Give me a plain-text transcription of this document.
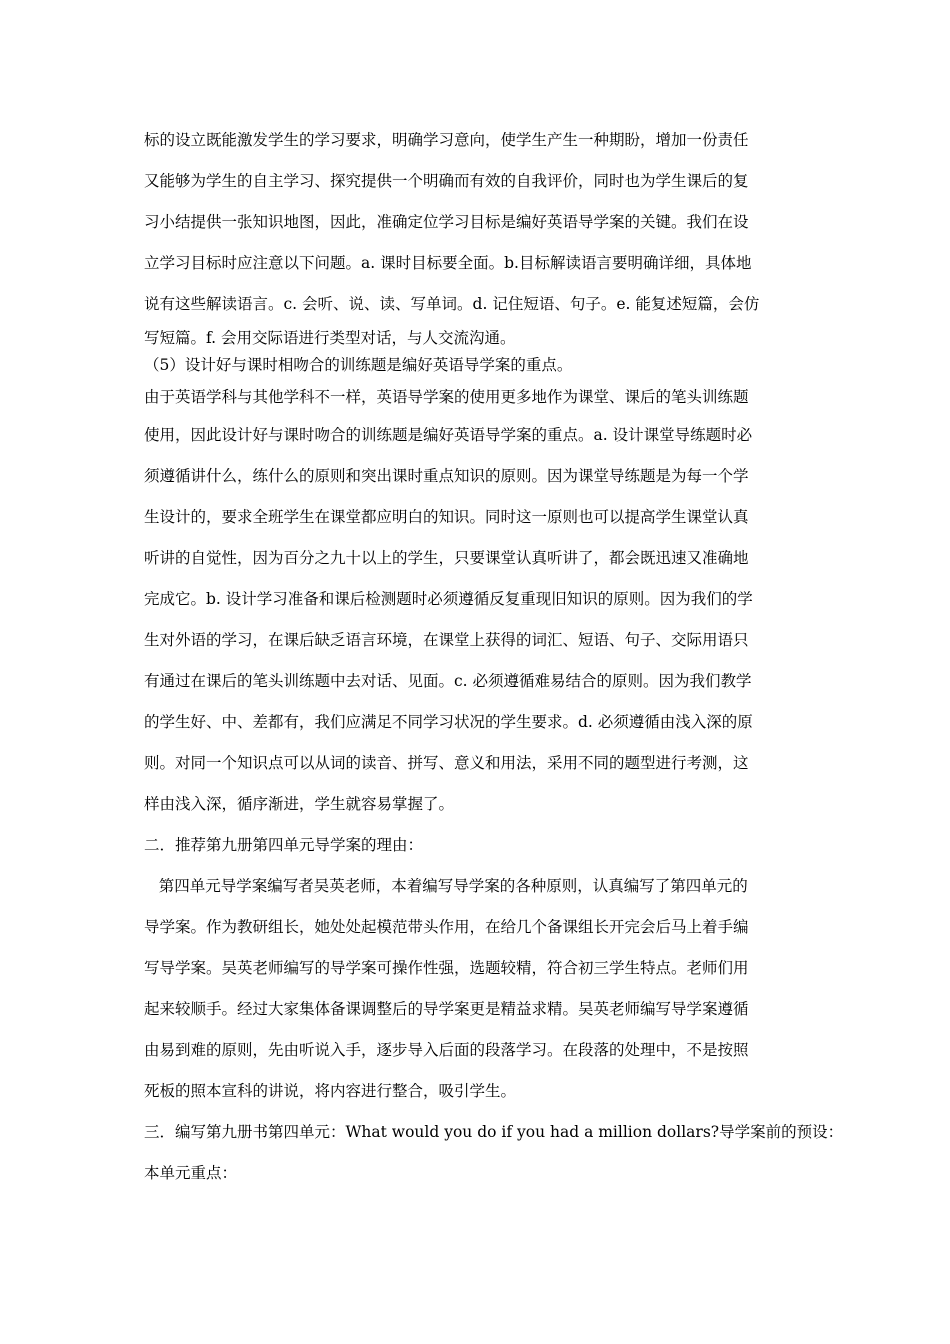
标的设立既能激发学生的学习要求，明确学习意向，使学生产生一种期盼，增加一份责任
又能够为学生的自主学习、探究提供一个明确而有效的自我评价，同时也为学生课后的复
习小结提供一张知识地图，因此，准确定位学习目标是编好英语导学案的关键。我们在设
立学习目标时应注意以下问题。a. 课时目标要全面。b.目标解读语言要明确详细，具体地
说有这些解读语言。c. 会听、说、读、写单词。d. 记住短语、句子。e. 能复述短篇，会仿
写短篇。f. 会用交际语进行类型对话，与人交流沟通。
（5）设计好与课时相吻合的训练题是编好英语导学案的重点。
由于英语学科与其他学科不一样，英语导学案的使用更多地作为课堂、课后的笔头训练题
使用，因此设计好与课时吻合的训练题是编好英语导学案的重点。a. 设计课堂导练题时必
须遵循讲什么，练什么的原则和突出课时重点知识的原则。因为课堂导练题是为每一个学
生设计的，要求全班学生在课堂都应明白的知识。同时这一原则也可以提高学生课堂认真
听讲的自觉性，因为百分之九十以上的学生，只要课堂认真听讲了，都会既迅速又准确地
完成它。b. 设计学习准备和课后检测题时必须遵循反复重现旧知识的原则。因为我们的学
生对外语的学习，在课后缺乏语言环境，在课堂上获得的词汇、短语、句子、交际用语只
有通过在课后的笔头训练题中去对话、见面。c. 必须遵循难易结合的原则。因为我们教学
的学生好、中、差都有，我们应满足不同学习状况的学生要求。d. 必须遵循由浅入深的原
则。对同一个知识点可以从词的读音、拼写、意义和用法，采用不同的题型进行考测，这
样由浅入深，循序渐进，学生就容易掌握了。
二．推荐第九册第四单元导学案的理由：
第四单元导学案编写者吴英老师，本着编写导学案的各种原则，认真编写了第四单元的
导学案。作为教研组长，她处处起模范带头作用，在给几个备课组长开完会后马上着手编
写导学案。吴英老师编写的导学案可操作性强，选题较精，符合初三学生特点。老师们用
起来较顺手。经过大家集体备课调整后的导学案更是精益求精。吴英老师编写导学案遵循
由易到难的原则，先由听说入手，逐步导入后面的段落学习。在段落的处理中，不是按照
死板的照本宣科的讲说，将内容进行整合，吸引学生。
三．编写第九册书第四单元：What would you do if you had a million dollars?导学案前的预设：
本单元重点：
